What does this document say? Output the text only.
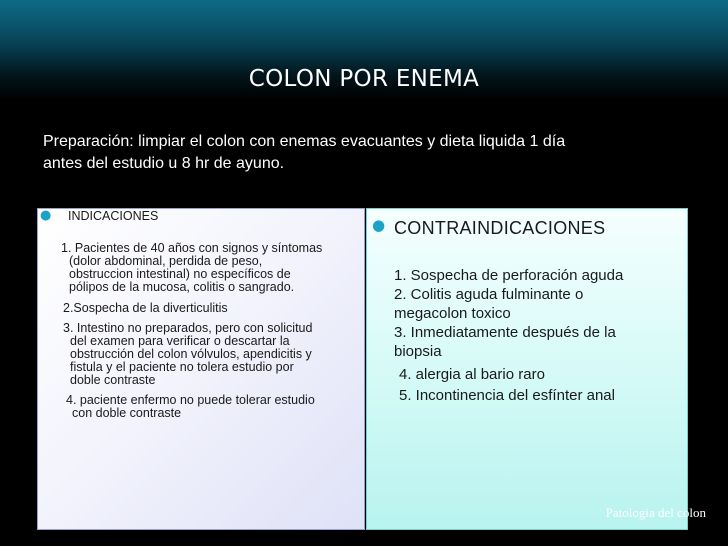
COLON POR ENEMA
Preparación: limpiar el colon con enemas evacuantes y dieta liquida 1 día
antes del estudio u 8 hr de ayuno.
● INDICACIONES
1. Pacientes de 40 años con signos y síntomas
(dolor abdominal, perdida de peso,
obstruccion intestinal) no específicos de
pólipos de la mucosa, colitis o sangrado.
2.Sospecha de la diverticulitis
3. Intestino no preparados, pero con solicitud
del examen para verificar o descartar la
obstrucción del colon vólvulos, apendicitis y
fistula y el paciente no tolera estudio por
doble contraste
4. paciente enfermo no puede tolerar estudio
con doble contraste
● CONTRAINDICACIONES
1. Sospecha de perforación aguda
2. Colitis aguda fulminante o
megacolon toxico
3. Inmediatamente después de la
biopsia
4. alergia al bario raro
5. Incontinencia del esfínter anal
Patologia del colon
